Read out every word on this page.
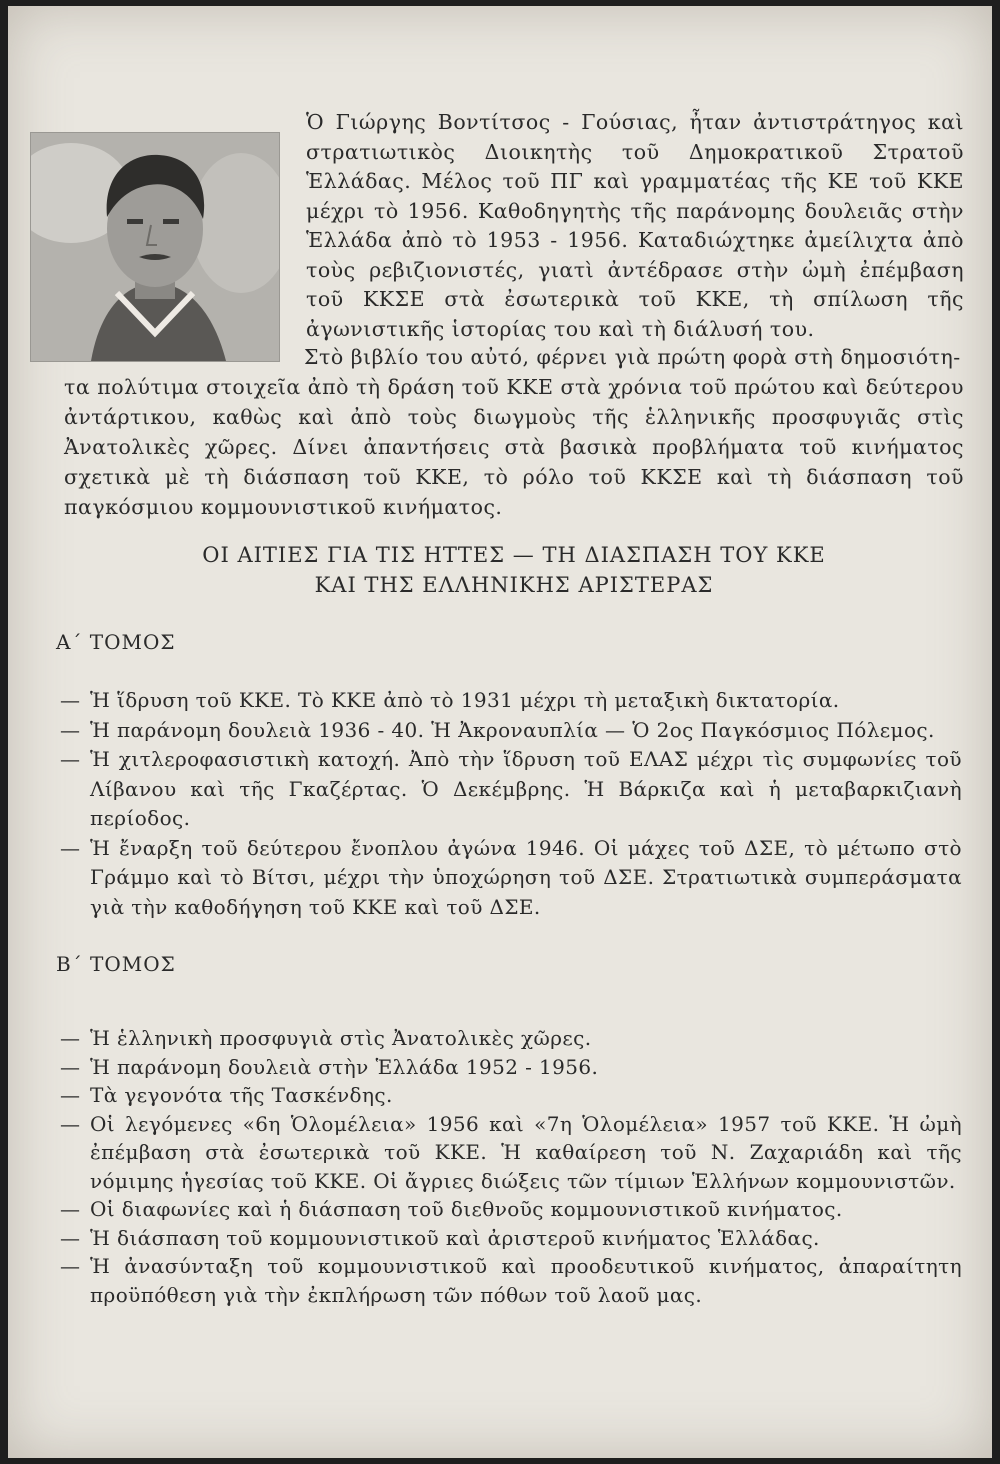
Ὁ Γιώργης Βοντίτσος - Γούσιας, ἦταν ἀντιστράτηγος καὶ στρατιωτικὸς Διοικητὴς τοῦ Δημοκρατικοῦ Στρατοῦ Ἑλλάδας. Μέλος τοῦ ΠΓ καὶ γραμματέας τῆς ΚΕ τοῦ ΚΚΕ μέχρι τὸ 1956. Καθοδηγητὴς τῆς παράνομης δουλειᾶς στὴν Ἑλλάδα ἀπὸ τὸ 1953 - 1956. Καταδιώχτηκε ἀμείλιχτα ἀπὸ τοὺς ρεβιζιονιστές, γιατὶ ἀντέδρασε στὴν ὠμὴ ἐπέμβαση τοῦ ΚΚΣΕ στὰ ἐσωτερικὰ τοῦ ΚΚΕ, τὴ σπίλωση τῆς ἀγωνιστικῆς ἱστορίας του καὶ τὴ διάλυσή του.

Στὸ βιβλίο του αὐτό, φέρνει γιὰ πρώτη φορὰ στὴ δημοσιότη-
τα πολύτιμα στοιχεῖα ἀπὸ τὴ δράση τοῦ ΚΚΕ στὰ χρόνια τοῦ πρώτου καὶ δεύτερου ἀντάρτικου, καθὼς καὶ ἀπὸ τοὺς διωγμοὺς τῆς ἑλληνικῆς προσφυγιᾶς στὶς Ἀνατολικὲς χῶρες. Δίνει ἀπαντήσεις στὰ βασικὰ προβλήματα τοῦ κινήματος σχετικὰ μὲ τὴ διάσπαση τοῦ ΚΚΕ, τὸ ρόλο τοῦ ΚΚΣΕ καὶ τὴ διάσπαση τοῦ παγκόσμιου κομμουνιστικοῦ κινήματος.

ΟΙ ΑΙΤΙΕΣ ΓΙΑ ΤΙΣ ΗΤΤΕΣ — ΤΗ ΔΙΑΣΠΑΣΗ ΤΟΥ ΚΚΕ
ΚΑΙ ΤΗΣ ΕΛΛΗΝΙΚΗΣ ΑΡΙΣΤΕΡΑΣ
Α΄ ΤΟΜΟΣ
— Ἡ ἵδρυση τοῦ ΚΚΕ. Τὸ ΚΚΕ ἀπὸ τὸ 1931 μέχρι τὴ μεταξικὴ δικτατορία.
— Ἡ παράνομη δουλειὰ 1936 - 40. Ἡ Ἀκροναυπλία — Ὁ 2ος Παγκόσμιος Πόλεμος.
— Ἡ χιτλεροφασιστικὴ κατοχή. Ἀπὸ τὴν ἵδρυση τοῦ ΕΛΑΣ μέχρι τὶς συμφωνίες τοῦ Λίβανου καὶ τῆς Γκαζέρτας. Ὁ Δεκέμβρης. Ἡ Βάρκιζα καὶ ἡ μεταβαρκιζιανὴ περίοδος.
— Ἡ ἔναρξη τοῦ δεύτερου ἔνοπλου ἀγώνα 1946. Οἱ μάχες τοῦ ΔΣΕ, τὸ μέτωπο στὸ Γράμμο καὶ τὸ Βίτσι, μέχρι τὴν ὑποχώρηση τοῦ ΔΣΕ. Στρατιωτικὰ συμπεράσματα γιὰ τὴν καθοδήγηση τοῦ ΚΚΕ καὶ τοῦ ΔΣΕ.
Β΄ ΤΟΜΟΣ
— Ἡ ἑλληνικὴ προσφυγιὰ στὶς Ἀνατολικὲς χῶρες.
— Ἡ παράνομη δουλειὰ στὴν Ἑλλάδα 1952 - 1956.
— Τὰ γεγονότα τῆς Τασκένδης.
— Οἱ λεγόμενες «6η Ὁλομέλεια» 1956 καὶ «7η Ὁλομέλεια» 1957 τοῦ ΚΚΕ. Ἡ ὠμὴ ἐπέμβαση στὰ ἐσωτερικὰ τοῦ ΚΚΕ. Ἡ καθαίρεση τοῦ Ν. Ζαχαριάδη καὶ τῆς νόμιμης ἡγεσίας τοῦ ΚΚΕ. Οἱ ἄγριες διώξεις τῶν τίμιων Ἑλλήνων κομμουνιστῶν.
— Οἱ διαφωνίες καὶ ἡ διάσπαση τοῦ διεθνοῦς κομμουνιστικοῦ κινήματος.
— Ἡ διάσπαση τοῦ κομμουνιστικοῦ καὶ ἀριστεροῦ κινήματος Ἑλλάδας.
— Ἡ ἀνασύνταξη τοῦ κομμουνιστικοῦ καὶ προοδευτικοῦ κινήματος, ἀπαραίτητη προϋπόθεση γιὰ τὴν ἐκπλήρωση τῶν πόθων τοῦ λαοῦ μας.
